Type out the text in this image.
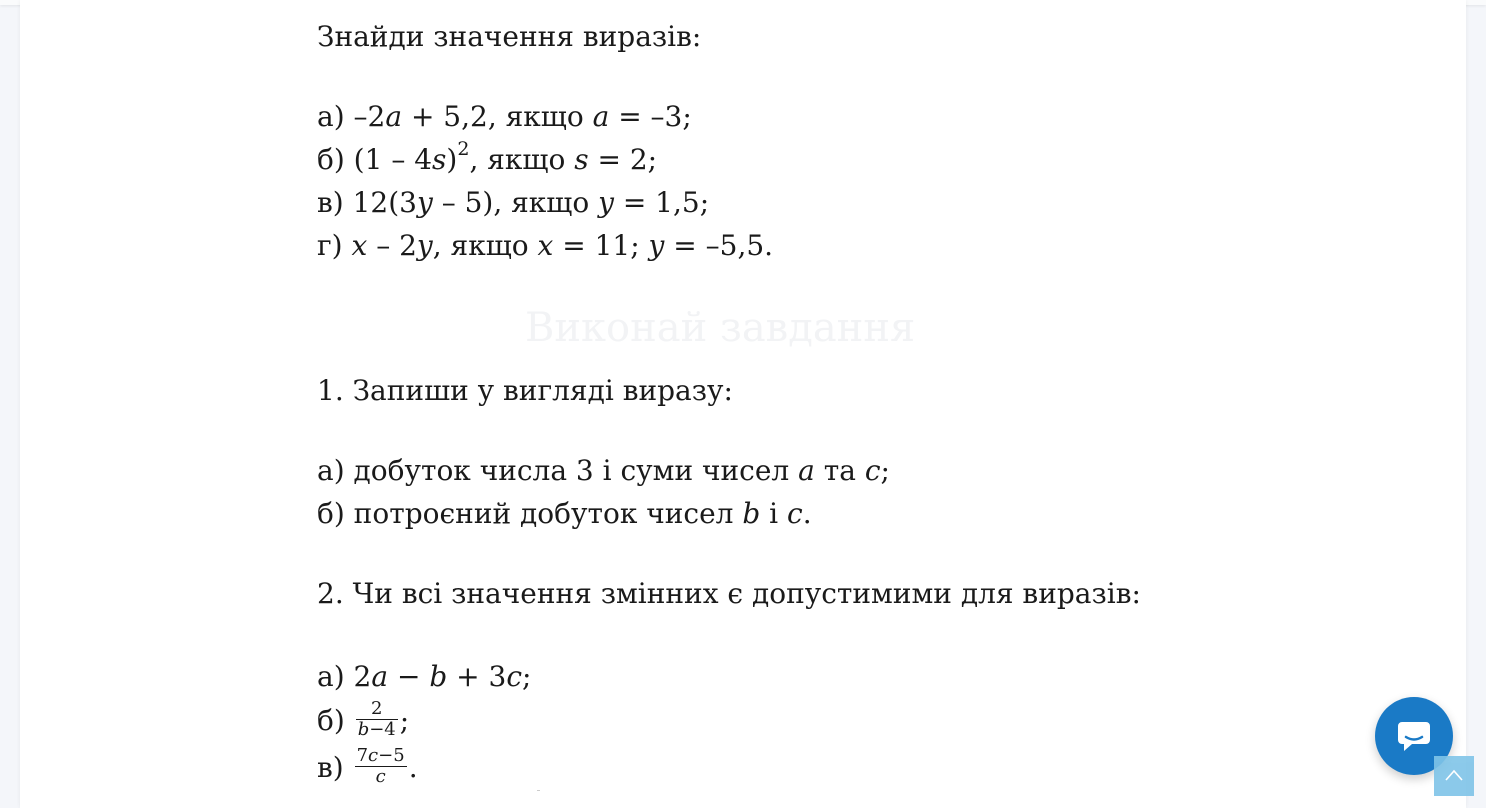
Знайди значення виразів:
а) –2a + 5,2, якщо a = –3;
б) (1 – 4s)$^2$, якщо s = 2;
в) 12(3y – 5), якщо y = 1,5;
г) x – 2y, якщо x = 11; y = –5,5.
1. Запиши у вигляді виразу:
а) добуток числа 3 і суми чисел a та c;
б) потроєний добуток чисел b і c.
2. Чи всі значення змінних є допустимими для виразів:
а) 2a − b + 3c;
$б) \frac{2}{b-4}$ ;
$в) \frac{7c-5}{c}$ .
Виконай завдання
